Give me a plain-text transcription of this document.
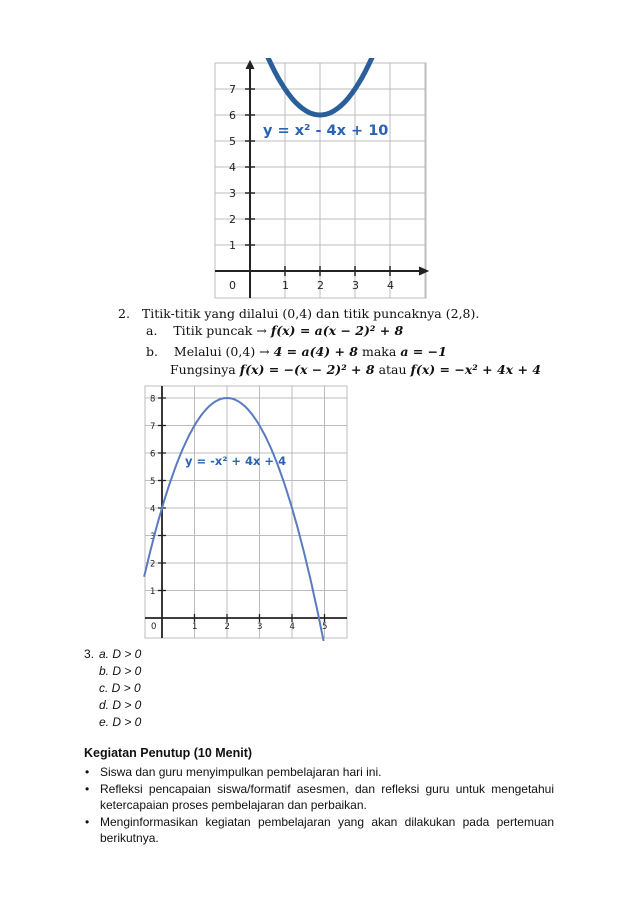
7
6
5
4
3
2
1
1	2	3	4
0
y = x² - 4x + 10
2. Titik-titik yang dilalui (0,4) dan titik puncaknya (2,8).
a. Titik puncak → f(x) = a(x − 2)² + 8
b. Melalui (0,4) → 4 = a(4) + 8 maka a = −1
Fungsinya f(x) = −(x − 2)² + 8 atau f(x) = −x² + 4x + 4
8
7
6
5
4
3
2
1
1	2	3	4	5
0
y = -x² + 4x + 4
3. a. D > 0
b. D > 0
c. D > 0
d. D > 0
e. D > 0
Kegiatan Penutup (10 Menit)
• Siswa dan guru menyimpulkan pembelajaran hari ini.
• Refleksi pencapaian siswa/formatif asesmen, dan refleksi guru untuk mengetahui ketercapaian proses pembelajaran dan perbaikan.
• Menginformasikan kegiatan pembelajaran yang akan dilakukan pada pertemuan berikutnya.
